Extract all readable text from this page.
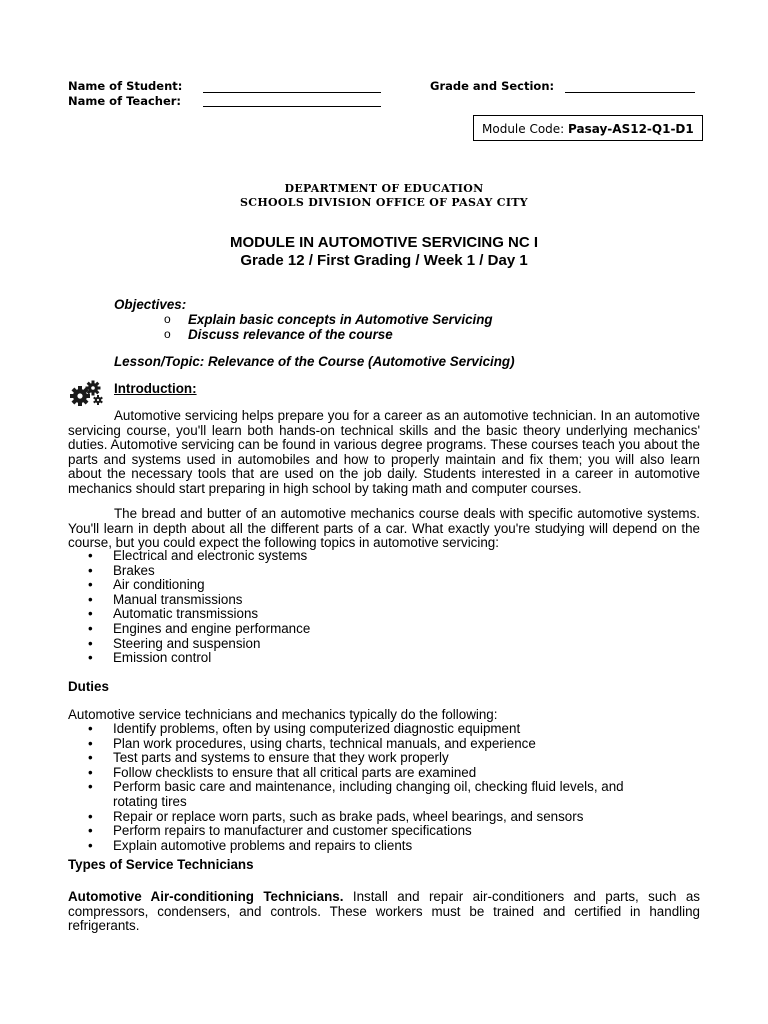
Name of Student:
Name of Teacher:
Grade and Section:
Module Code: Pasay-AS12-Q1-D1
DEPARTMENT OF EDUCATION
SCHOOLS DIVISION OFFICE OF PASAY CITY
MODULE IN AUTOMOTIVE SERVICING NC I
Grade 12 / First Grading / Week 1 / Day 1
Objectives:
o Explain basic concepts in Automotive Servicing
o Discuss relevance of the course
Lesson/Topic: Relevance of the Course (Automotive Servicing)
Introduction:
Automotive servicing helps prepare you for a career as an automotive technician. In an automotive servicing course, you'll learn both hands-on technical skills and the basic theory underlying mechanics' duties. Automotive servicing can be found in various degree programs. These courses teach you about the parts and systems used in automobiles and how to properly maintain and fix them; you will also learn about the necessary tools that are used on the job daily. Students interested in a career in automotive mechanics should start preparing in high school by taking math and computer courses.
The bread and butter of an automotive mechanics course deals with specific automotive systems. You'll learn in depth about all the different parts of a car. What exactly you're studying will depend on the course, but you could expect the following topics in automotive servicing:
• Electrical and electronic systems
• Brakes
• Air conditioning
• Manual transmissions
• Automatic transmissions
• Engines and engine performance
• Steering and suspension
• Emission control
Duties
Automotive service technicians and mechanics typically do the following:
• Identify problems, often by using computerized diagnostic equipment
• Plan work procedures, using charts, technical manuals, and experience
• Test parts and systems to ensure that they work properly
• Follow checklists to ensure that all critical parts are examined
• Perform basic care and maintenance, including changing oil, checking fluid levels, and rotating tires
• Repair or replace worn parts, such as brake pads, wheel bearings, and sensors
• Perform repairs to manufacturer and customer specifications
• Explain automotive problems and repairs to clients
Types of Service Technicians
Automotive Air-conditioning Technicians. Install and repair air-conditioners and parts, such as compressors, condensers, and controls. These workers must be trained and certified in handling refrigerants.
